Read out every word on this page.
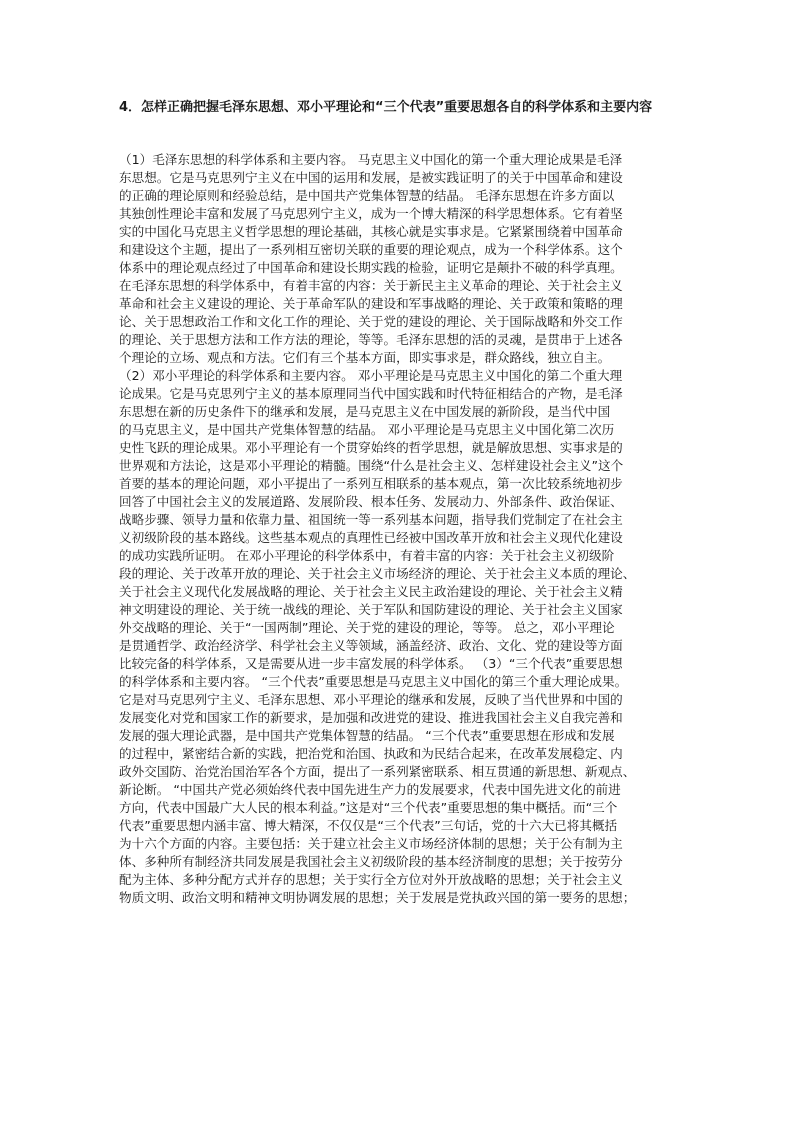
4．怎样正确把握毛泽东思想、邓小平理论和“三个代表”重要思想各自的科学体系和主要内容
（1）毛泽东思想的科学体系和主要内容。 马克思主义中国化的第一个重大理论成果是毛泽
东思想。它是马克思列宁主义在中国的运用和发展，是被实践证明了的关于中国革命和建设
的正确的理论原则和经验总结，是中国共产党集体智慧的结晶。 毛泽东思想在许多方面以
其独创性理论丰富和发展了马克思列宁主义，成为一个博大精深的科学思想体系。它有着坚
实的中国化马克思主义哲学思想的理论基础，其核心就是实事求是。它紧紧围绕着中国革命
和建设这个主题，提出了一系列相互密切关联的重要的理论观点，成为一个科学体系。这个
体系中的理论观点经过了中国革命和建设长期实践的检验，证明它是颠扑不破的科学真理。
在毛泽东思想的科学体系中，有着丰富的内容：关于新民主主义革命的理论、关于社会主义
革命和社会主义建设的理论、关于革命军队的建设和军事战略的理论、关于政策和策略的理
论、关于思想政治工作和文化工作的理论、关于党的建设的理论、关于国际战略和外交工作
的理论、关于思想方法和工作方法的理论，等等。毛泽东思想的活的灵魂，是贯串于上述各
个理论的立场、观点和方法。它们有三个基本方面，即实事求是，群众路线，独立自主。
（2）邓小平理论的科学体系和主要内容。 邓小平理论是马克思主义中国化的第二个重大理
论成果。它是马克思列宁主义的基本原理同当代中国实践和时代特征相结合的产物，是毛泽
东思想在新的历史条件下的继承和发展，是马克思主义在中国发展的新阶段，是当代中国
的马克思主义，是中国共产党集体智慧的结晶。 邓小平理论是马克思主义中国化第二次历
史性飞跃的理论成果。邓小平理论有一个贯穿始终的哲学思想，就是解放思想、实事求是的
世界观和方法论，这是邓小平理论的精髓。围绕“什么是社会主义、怎样建设社会主义”这个
首要的基本的理论问题，邓小平提出了一系列互相联系的基本观点，第一次比较系统地初步
回答了中国社会主义的发展道路、发展阶段、根本任务、发展动力、外部条件、政治保证、
战略步骤、领导力量和依靠力量、祖国统一等一系列基本问题，指导我们党制定了在社会主
义初级阶段的基本路线。这些基本观点的真理性已经被中国改革开放和社会主义现代化建设
的成功实践所证明。 在邓小平理论的科学体系中，有着丰富的内容：关于社会主义初级阶
段的理论、关于改革开放的理论、关于社会主义市场经济的理论、关于社会主义本质的理论、
关于社会主义现代化发展战略的理论、关于社会主义民主政治建设的理论、关于社会主义精
神文明建设的理论、关于统一战线的理论、关于军队和国防建设的理论、关于社会主义国家
外交战略的理论、关于“一国两制”理论、关于党的建设的理论，等等。 总之，邓小平理论
是贯通哲学、政治经济学、科学社会主义等领域，涵盖经济、政治、文化、党的建设等方面
比较完备的科学体系，又是需要从进一步丰富发展的科学体系。 （3）“三个代表”重要思想
的科学体系和主要内容。 “三个代表”重要思想是马克思主义中国化的第三个重大理论成果。
它是对马克思列宁主义、毛泽东思想、邓小平理论的继承和发展，反映了当代世界和中国的
发展变化对党和国家工作的新要求，是加强和改进党的建设、推进我国社会主义自我完善和
发展的强大理论武器，是中国共产党集体智慧的结晶。 “三个代表”重要思想在形成和发展
的过程中，紧密结合新的实践，把治党和治国、执政和为民结合起来，在改革发展稳定、内
政外交国防、治党治国治军各个方面，提出了一系列紧密联系、相互贯通的新思想、新观点、
新论断。 “中国共产党必须始终代表中国先进生产力的发展要求，代表中国先进文化的前进
方向，代表中国最广大人民的根本利益。”这是对“三个代表”重要思想的集中概括。而“三个
代表”重要思想内涵丰富、博大精深，不仅仅是“三个代表”三句话，党的十六大已将其概括
为十六个方面的内容。主要包括：关于建立社会主义市场经济体制的思想；关于公有制为主
体、多种所有制经济共同发展是我国社会主义初级阶段的基本经济制度的思想；关于按劳分
配为主体、多种分配方式并存的思想；关于实行全方位对外开放战略的思想；关于社会主义
物质文明、政治文明和精神文明协调发展的思想；关于发展是党执政兴国的第一要务的思想；
